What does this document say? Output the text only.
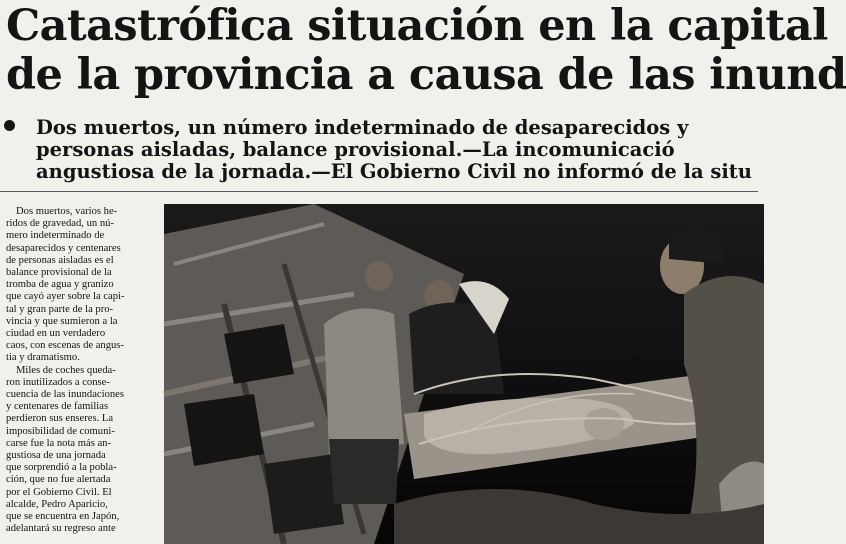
Catastrófica situación en la capital
de la provincia a causa de las inund
Dos muertos, un número indeterminado de desaparecidos y
personas aisladas, balance provisional.—La incomunicació
angustiosa de la jornada.—El Gobierno Civil no informó de la situ
Dos muertos, varios he-
ridos de gravedad, un nú-
mero indeterminado de
desaparecidos y centenares
de personas aisladas es el
balance provisional de la
tromba de agua y granizo
que cayó ayer sobre la capi-
tal y gran parte de la pro-
vincia y que sumieron a la
ciudad en un verdadero
caos, con escenas de angus-
tia y dramatismo.
Miles de coches queda-
ron inutilizados a conse-
cuencia de las inundaciones
y centenares de familias
perdieron sus enseres. La
imposibilidad de comuni-
carse fue la nota más an-
gustiosa de una jornada
que sorprendió a la pobla-
ción, que no fue alertada
por el Gobierno Civil. El
alcalde, Pedro Aparicio,
que se encuentra en Japón,
adelantará su regreso ante
